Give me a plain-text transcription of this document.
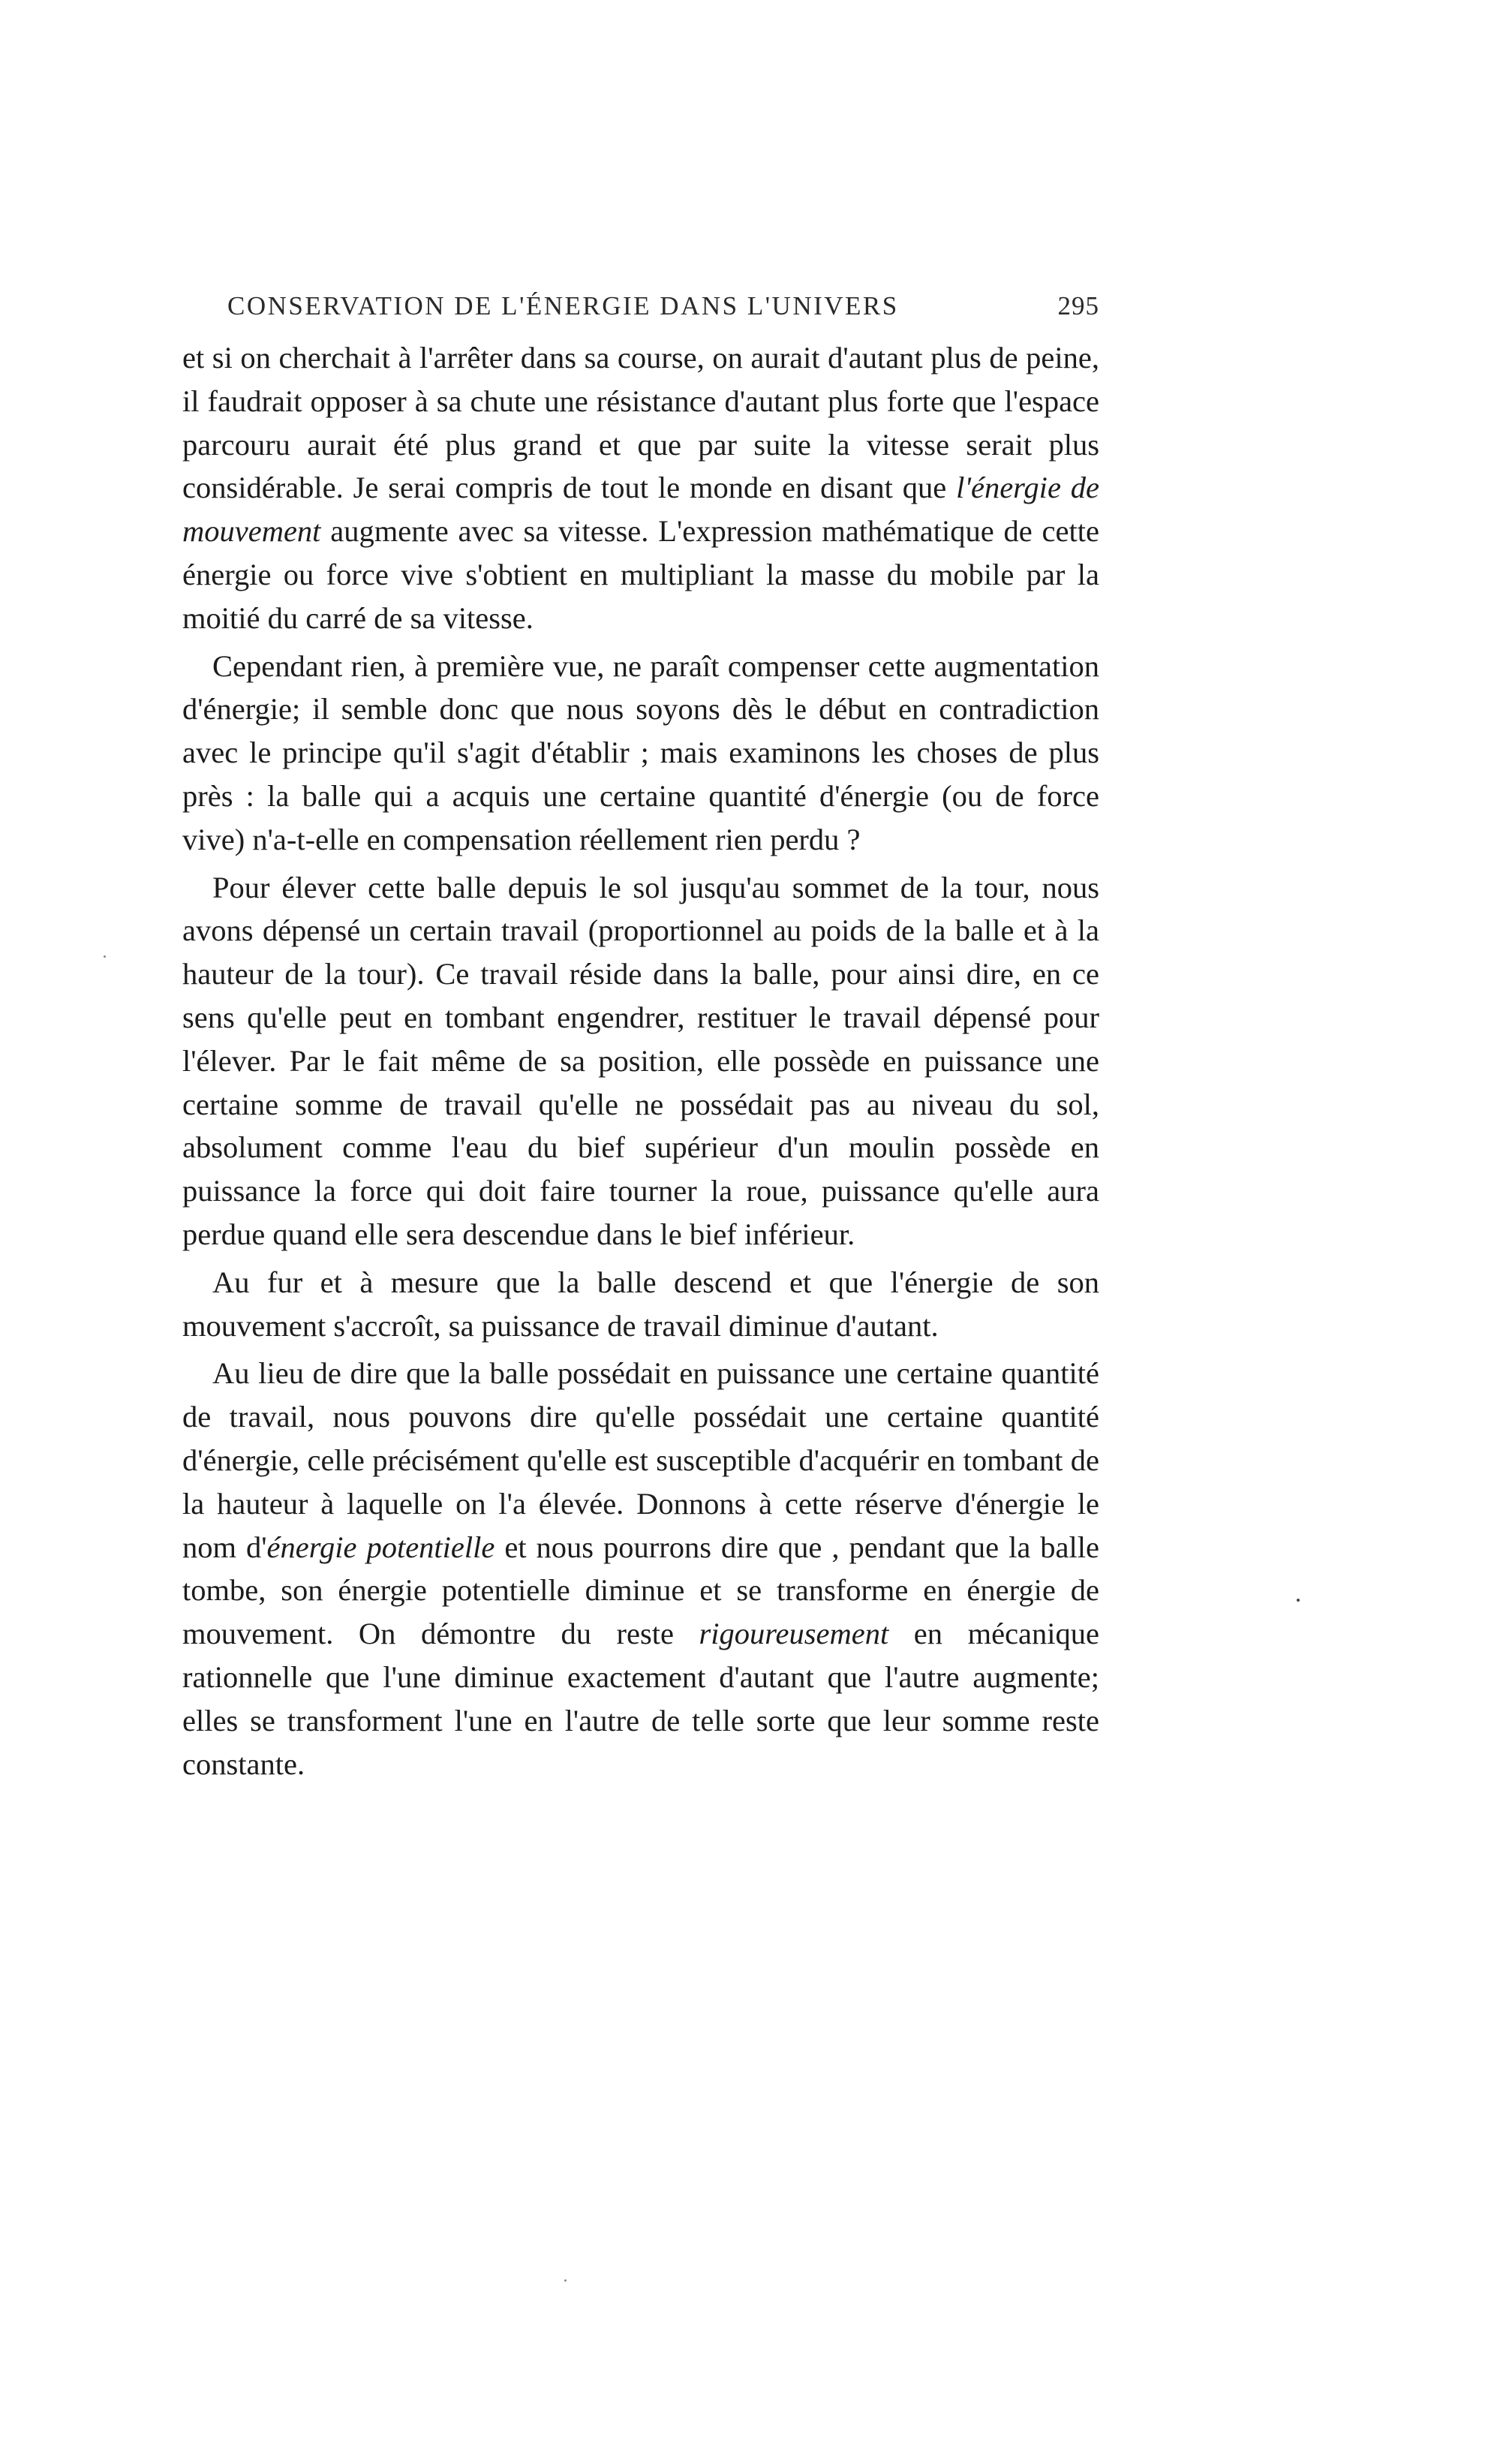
CONSERVATION DE L'ÉNERGIE DANS L'UNIVERS	295

et si on cherchait à l'arrêter dans sa course, on aurait d'autant plus de peine, il faudrait opposer à sa chute une résistance d'autant plus forte que l'espace parcouru aurait été plus grand et que par suite la vitesse serait plus considérable. Je serai compris de tout le monde en disant que l'énergie de mouvement augmente avec sa vitesse. L'expression mathématique de cette énergie ou force vive s'obtient en multipliant la masse du mobile par la moitié du carré de sa vitesse.

Cependant rien, à première vue, ne paraît compenser cette augmentation d'énergie; il semble donc que nous soyons dès le début en contradiction avec le principe qu'il s'agit d'établir ; mais examinons les choses de plus près : la balle qui a acquis une certaine quantité d'énergie (ou de force vive) n'a-t-elle en compensation réellement rien perdu ?

Pour élever cette balle depuis le sol jusqu'au sommet de la tour, nous avons dépensé un certain travail (proportionnel au poids de la balle et à la hauteur de la tour). Ce travail réside dans la balle, pour ainsi dire, en ce sens qu'elle peut en tombant engendrer, restituer le travail dépensé pour l'élever. Par le fait même de sa position, elle possède en puissance une certaine somme de travail qu'elle ne possédait pas au niveau du sol, absolument comme l'eau du bief supérieur d'un moulin possède en puissance la force qui doit faire tourner la roue, puissance qu'elle aura perdue quand elle sera descendue dans le bief inférieur.

Au fur et à mesure que la balle descend et que l'énergie de son mouvement s'accroît, sa puissance de travail diminue d'autant.

Au lieu de dire que la balle possédait en puissance une certaine quantité de travail, nous pouvons dire qu'elle possédait une certaine quantité d'énergie, celle précisément qu'elle est susceptible d'acquérir en tombant de la hauteur à laquelle on l'a élevée. Donnons à cette réserve d'énergie le nom d'énergie potentielle et nous pourrons dire que , pendant que la balle tombe, son énergie potentielle diminue et se transforme en énergie de mouvement. On démontre du reste rigoureusement en mécanique rationnelle que l'une diminue exactement d'autant que l'autre augmente; elles se transforment l'une en l'autre de telle sorte que leur somme reste constante.
